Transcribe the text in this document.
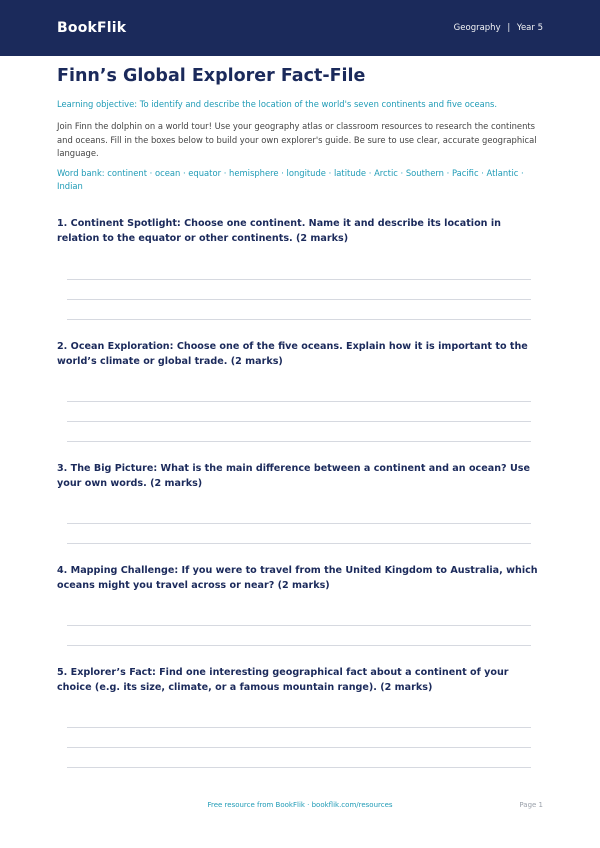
BookFlik	Geography | Year 5
Finn’s Global Explorer Fact-File

Learning objective: To identify and describe the location of the world's seven continents and five oceans.

Join Finn the dolphin on a world tour! Use your geography atlas or classroom resources to research the continents and oceans. Fill in the boxes below to build your own explorer's guide. Be sure to use clear, accurate geographical language.

Word bank: continent · ocean · equator · hemisphere · longitude · latitude · Arctic · Southern · Pacific · Atlantic · Indian

1. Continent Spotlight: Choose one continent. Name it and describe its location in relation to the equator or other continents. (2 marks)
2. Ocean Exploration: Choose one of the five oceans. Explain how it is important to the world’s climate or global trade. (2 marks)
3. The Big Picture: What is the main difference between a continent and an ocean? Use your own words. (2 marks)
4. Mapping Challenge: If you were to travel from the United Kingdom to Australia, which oceans might you travel across or near? (2 marks)
5. Explorer’s Fact: Find one interesting geographical fact about a continent of your choice (e.g. its size, climate, or a famous mountain range). (2 marks)
Free resource from BookFlik · bookflik.com/resources	Page 1
